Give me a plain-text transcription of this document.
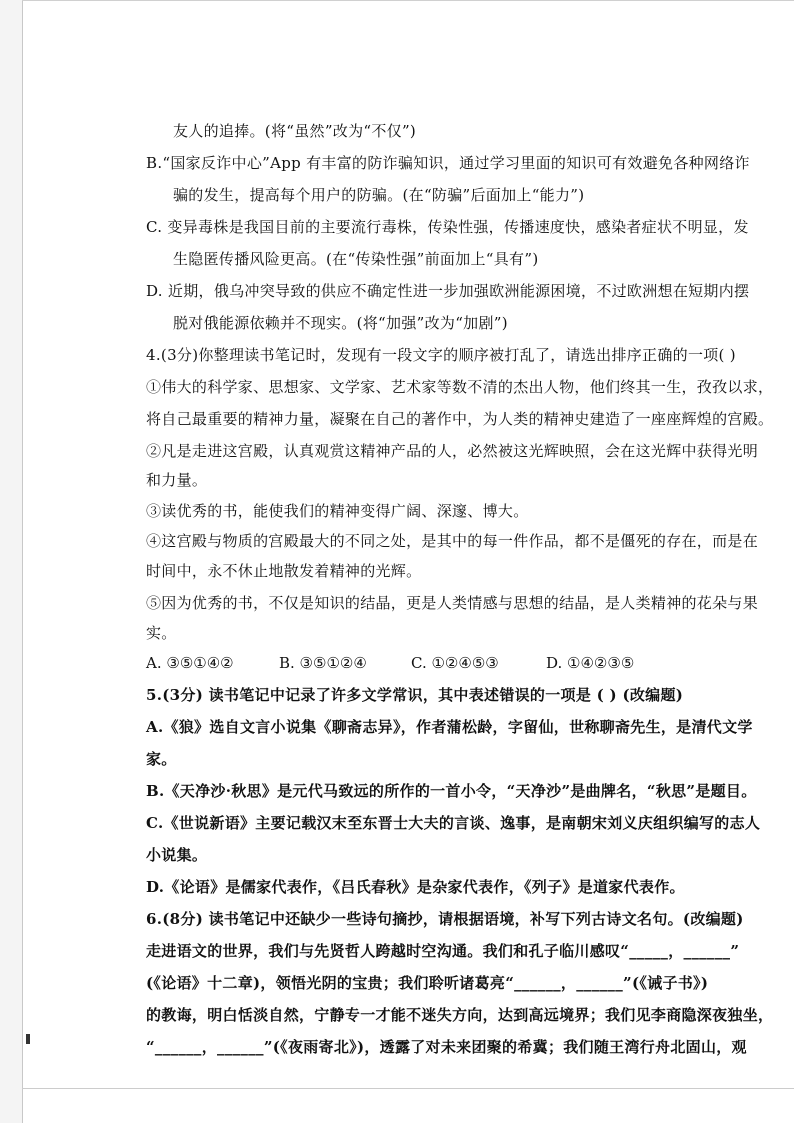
友人的追捧。(将“虽然”改为“不仅”)
B.“国家反诈中心”App 有丰富的防诈骗知识，通过学习里面的知识可有效避免各种网络诈
骗的发生，提高每个用户的防骗。(在“防骗”后面加上“能力”)
C. 变异毒株是我国目前的主要流行毒株，传染性强，传播速度快，感染者症状不明显，发
生隐匿传播风险更高。(在“传染性强”前面加上“具有”)
D. 近期，俄乌冲突导致的供应不确定性进一步加强欧洲能源困境，不过欧洲想在短期内摆
脱对俄能源依赖并不现实。(将“加强”改为“加剧”)
4.(3分)你整理读书笔记时，发现有一段文字的顺序被打乱了，请选出排序正确的一项( )
①伟大的科学家、思想家、文学家、艺术家等数不清的杰出人物，他们终其一生，孜孜以求，
将自己最重要的精神力量，凝聚在自己的著作中，为人类的精神史建造了一座座辉煌的宫殿。
②凡是走进这宫殿，认真观赏这精神产品的人，必然被这光辉映照，会在这光辉中获得光明
和力量。
③读优秀的书，能使我们的精神变得广阔、深邃、博大。
④这宫殿与物质的宫殿最大的不同之处，是其中的每一件作品，都不是僵死的存在，而是在
时间中，永不休止地散发着精神的光辉。
⑤因为优秀的书，不仅是知识的结晶，更是人类情感与思想的结晶，是人类精神的花朵与果
实。
A. ③⑤①④②	B. ③⑤①②④	C. ①②④⑤③	D. ①④②③⑤
5.(3分) 读书笔记中记录了许多文学常识，其中表述错误的一项是 ( ) (改编题)
A.《狼》选自文言小说集《聊斋志异》，作者蒲松龄，字留仙，世称聊斋先生，是清代文学
家。
B.《天净沙·秋思》是元代马致远的所作的一首小令，“天净沙”是曲牌名，“秋思”是题目。
C.《世说新语》主要记载汉末至东晋士大夫的言谈、逸事，是南朝宋刘义庆组织编写的志人
小说集。
D.《论语》是儒家代表作，《吕氏春秋》是杂家代表作，《列子》是道家代表作。
6.(8分) 读书笔记中还缺少一些诗句摘抄，请根据语境，补写下列古诗文名句。(改编题)
走进语文的世界，我们与先贤哲人跨越时空沟通。我们和孔子临川感叹“_____，______”
(《论语》十二章)，领悟光阴的宝贵；我们聆听诸葛亮“______，______”(《诫子书》)
的教诲，明白恬淡自然，宁静专一才能不迷失方向，达到高远境界；我们见李商隐深夜独坐，
“______，______”(《夜雨寄北》)，透露了对未来团聚的希冀；我们随王湾行舟北固山，观
